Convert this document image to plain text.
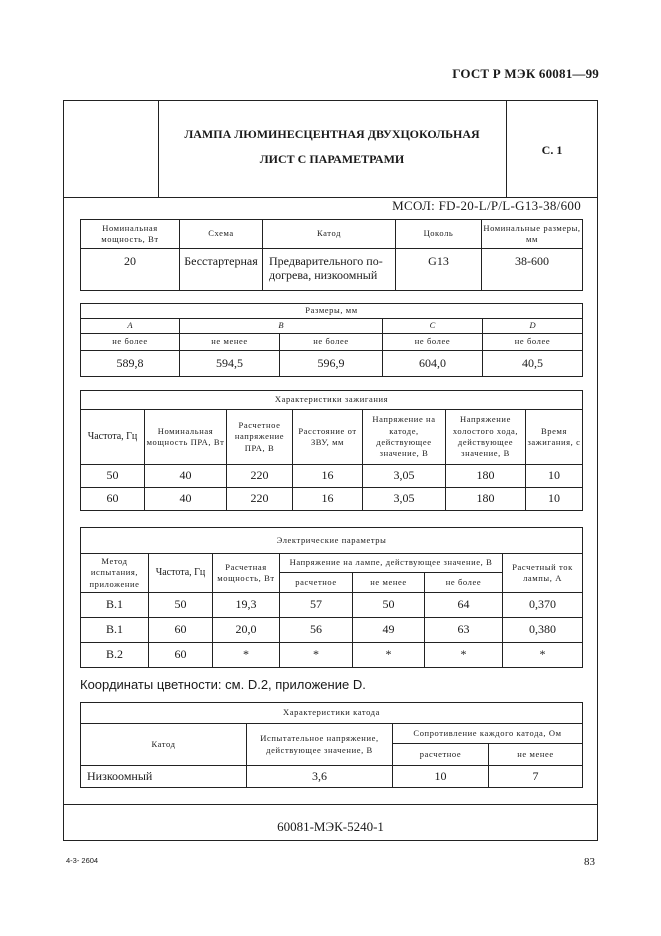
ГОСТ Р МЭК 60081—99
ЛАМПА ЛЮМИНЕСЦЕНТНАЯ ДВУХЦОКОЛЬНАЯ
ЛИСТ С ПАРАМЕТРАМИ
С. 1
60081-МЭК-5240-1
МСОЛ: FD-20-L/P/L-G13-38/600
Номинальная мощность, Вт	Схема	Катод	Цоколь	Номинальные размеры, мм
20	Бесстартерная	Предварительного по-догрева, низкоомный	G13	38-600
Размеры, мм				
A	B		C	D
не более	не менее	не более	не более	не более
589,8	594,5	596,9	604,0	40,5
Характеристики зажигания						
Частота, Гц	Номинальная мощность ПРА, Вт	Расчетное напряжение ПРА, В	Расстояние от ЗВУ, мм	Напряжение на катоде, действующее значение, В	Напряжение холостого хода, действующее значение, В	Время зажигания, с
50	40	220	16	3,05	180	10
60	40	220	16	3,05	180	10
Электрические параметры						
Метод испытания, приложение	Частота, Гц	Расчетная мощность, Вт	Напряжение на лампе, действующее значение, В			Расчетный ток лампы, А
			расчетное	не менее	не более	
B.1	50	19,3	57	50	64	0,370
B.1	60	20,0	56	49	63	0,380
B.2	60	*	*	*	*	*
Координаты цветности: см. D.2, приложение D.
Характеристики катода			
Катод	Испытательное напряжение, действующее значение, В	Сопротивление каждого катода, Ом	
		расчетное	не менее
Низкоомный	3,6	10	7
4-3- 2604	83
